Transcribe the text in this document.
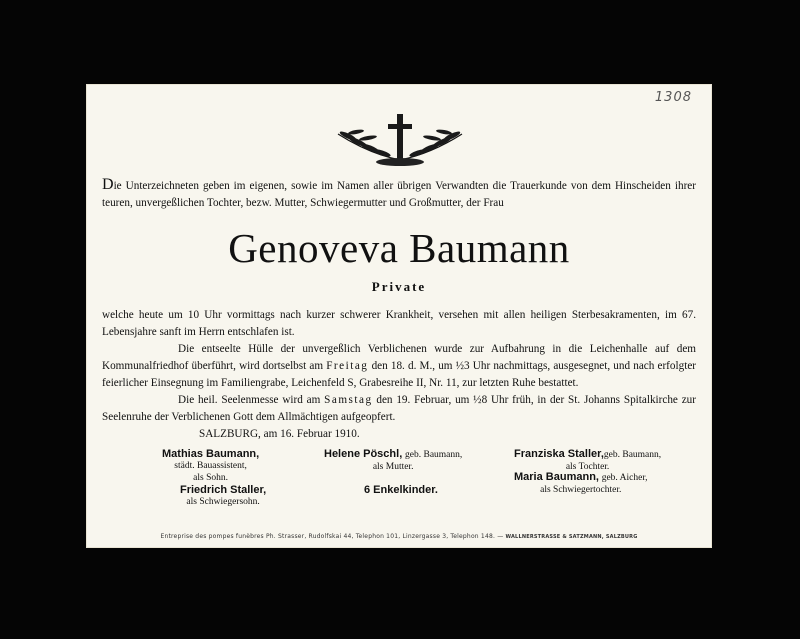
1308
Die Unterzeichneten geben im eigenen, sowie im Namen aller übrigen Verwandten die Trauerkunde von dem Hinscheiden ihrer teuren, unvergeßlichen Tochter, bezw. Mutter, Schwiegermutter und Großmutter, der Frau
Genoveva Baumann
Private

welche heute um 10 Uhr vormittags nach kurzer schwerer Krankheit, versehen mit allen heiligen Sterbesakramenten, im 67. Lebensjahre sanft im Herrn entschlafen ist.

Die entseelte Hülle der unvergeßlich Verblichenen wurde zur Aufbahrung in die Leichenhalle auf dem Kommunalfriedhof überführt, wird dortselbst am Freitag den 18. d. M., um ½3 Uhr nachmittags, ausgesegnet, und nach erfolgter feierlicher Einsegnung im Familiengrabe, Leichenfeld S, Grabesreihe II, Nr. 11, zur letzten Ruhe bestattet.

Die heil. Seelenmesse wird am Samstag den 19. Februar, um ½8 Uhr früh, in der St. Johanns Spitalkirche zur Seelenruhe der Verblichenen Gott dem Allmächtigen aufgeopfert.

SALZBURG, am 16. Februar 1910.

Mathias Baumann,
städt. Bauassistent,
als Sohn.
Friedrich Staller,
als Schwiegersohn.
Helene Pöschl, geb. Baumann,
als Mutter.
6 Enkelkinder.
Franziska Staller,geb. Baumann,
als Tochter.
Maria Baumann, geb. Aicher,
als Schwiegertochter.
Entreprise des pompes funèbres Ph. Strasser, Rudolfskai 44, Telephon 101, Linzergasse 3, Telephon 148. — WALLNERSTRASSE & SATZMANN, SALZBURG
